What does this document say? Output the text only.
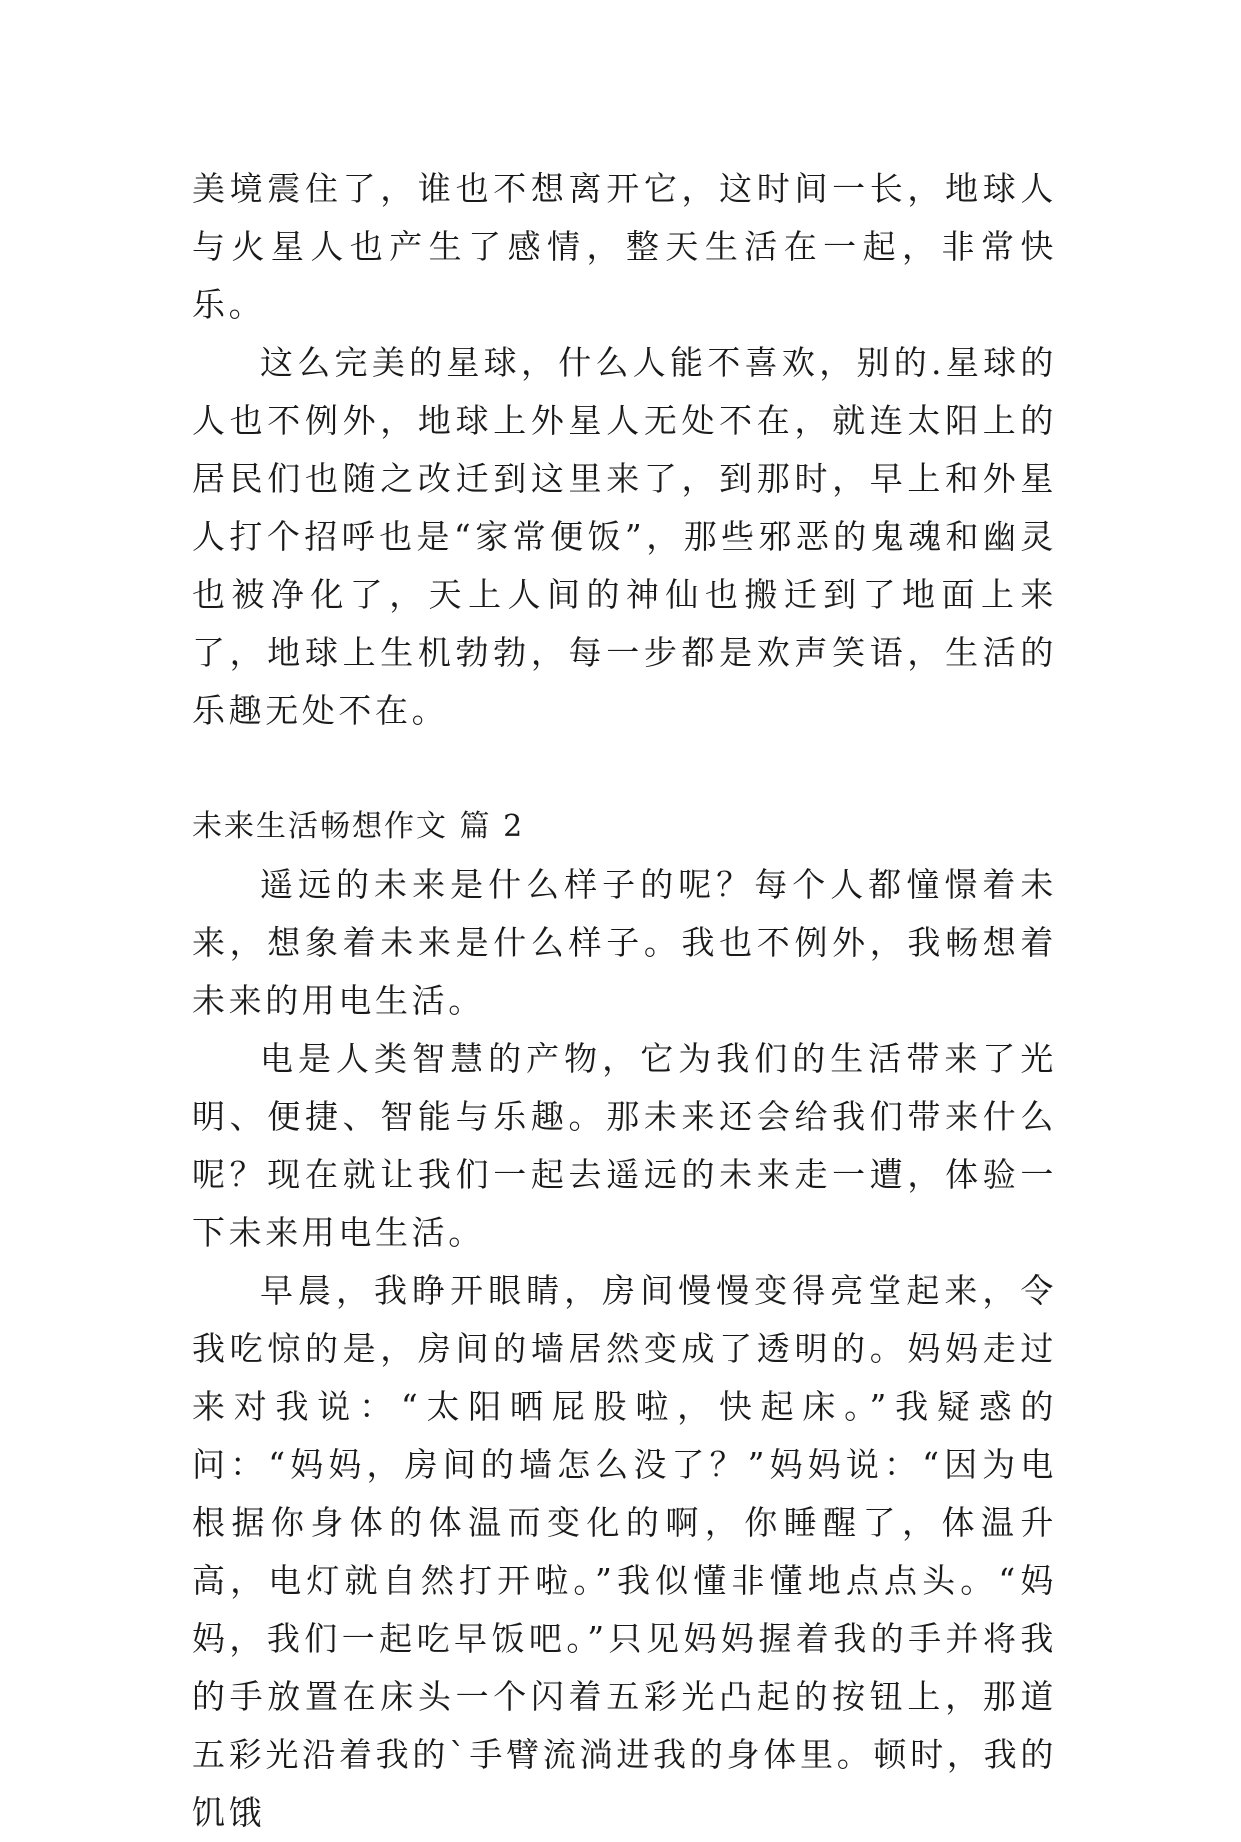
美境震住了，谁也不想离开它，这时间一长，地球人与火星人也产生了感情，整天生活在一起，非常快乐。

这么完美的星球，什么人能不喜欢，别的.星球的人也不例外，地球上外星人无处不在，就连太阳上的居民们也随之改迁到这里来了，到那时，早上和外星人打个招呼也是“家常便饭”，那些邪恶的鬼魂和幽灵也被净化了，天上人间的神仙也搬迁到了地面上来了，地球上生机勃勃，每一步都是欢声笑语，生活的乐趣无处不在。

未来生活畅想作文 篇 2

遥远的未来是什么样子的呢？每个人都憧憬着未来，想象着未来是什么样子。我也不例外，我畅想着未来的用电生活。

电是人类智慧的产物，它为我们的生活带来了光明、便捷、智能与乐趣。那未来还会给我们带来什么呢？现在就让我们一起去遥远的未来走一遭，体验一下未来用电生活。

早晨，我睁开眼睛，房间慢慢变得亮堂起来，令我吃惊的是，房间的墙居然变成了透明的。妈妈走过来对我说：“太阳晒屁股啦，快起床。”我疑惑的问：“妈妈，房间的墙怎么没了？”妈妈说：“因为电根据你身体的体温而变化的啊，你睡醒了，体温升高，电灯就自然打开啦。”我似懂非懂地点点头。“妈妈，我们一起吃早饭吧。”只见妈妈握着我的手并将我的手放置在床头一个闪着五彩光凸起的按钮上，那道五彩光沿着我的`手臂流淌进我的身体里。顿时，我的饥饿
